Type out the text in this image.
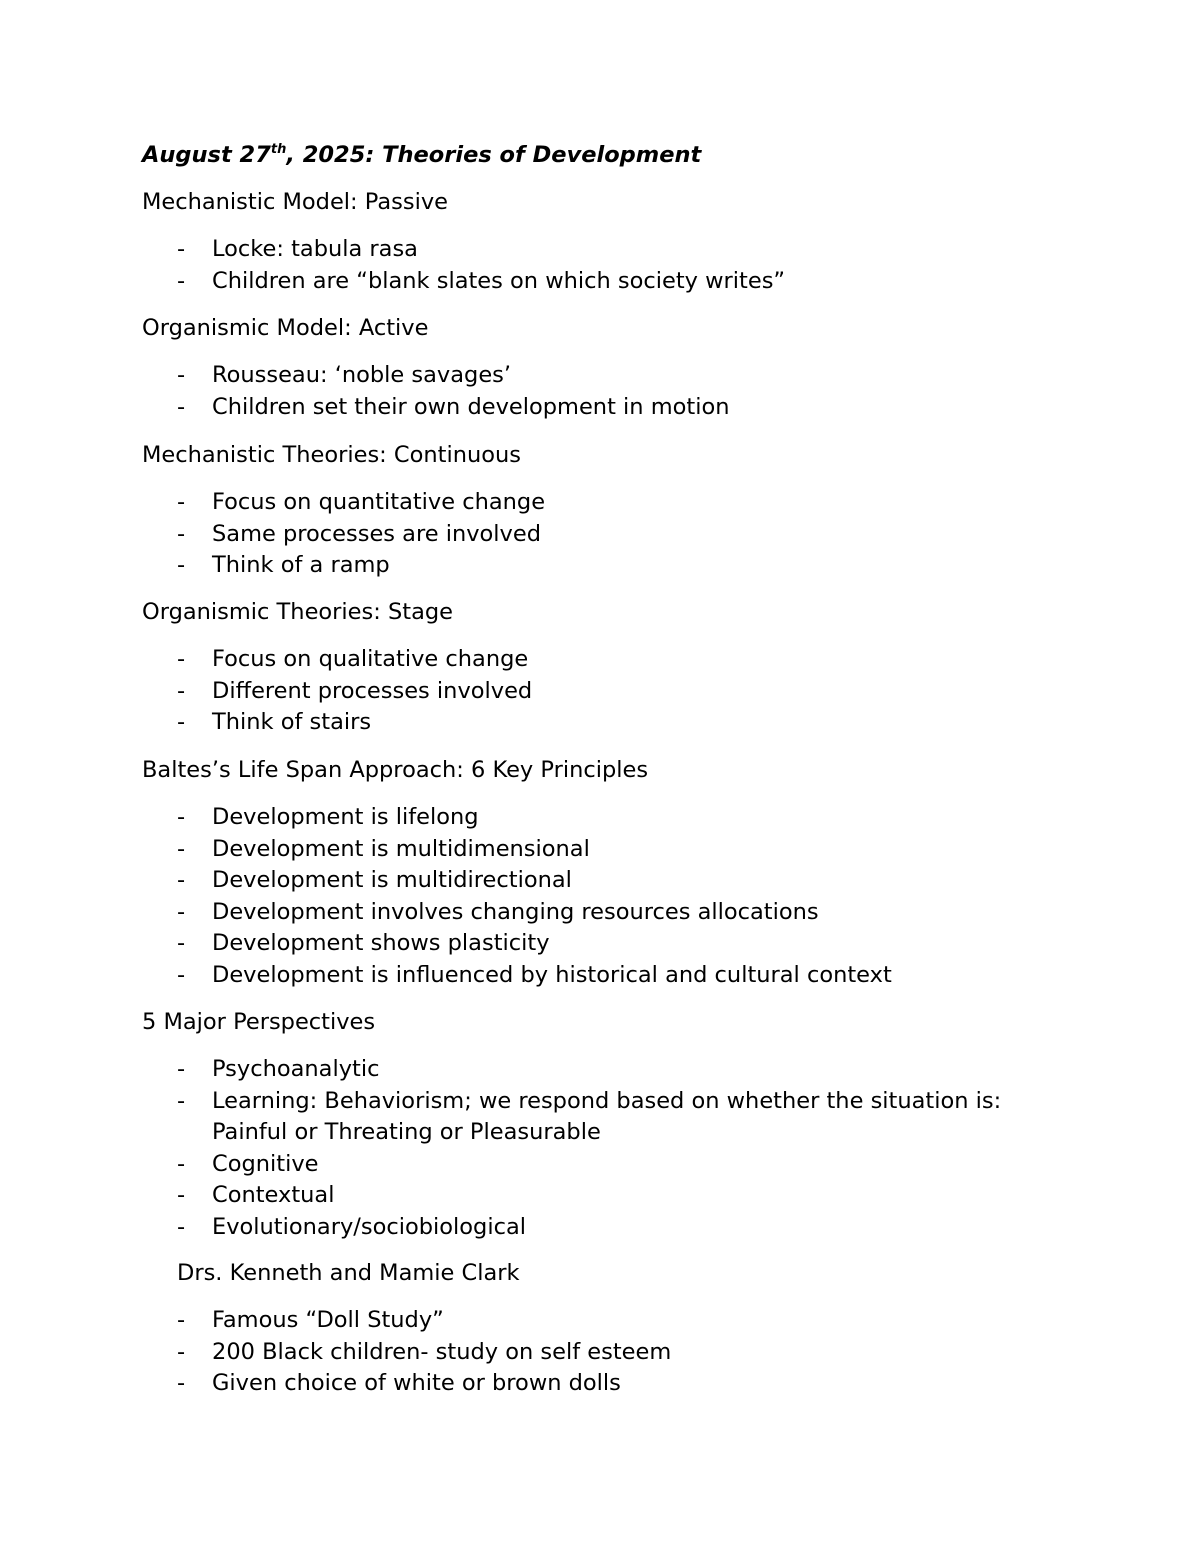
August 27th, 2025: Theories of Development
Mechanistic Model: Passive
- Locke: tabula rasa
- Children are “blank slates on which society writes”
Organismic Model: Active
- Rousseau: ‘noble savages’
- Children set their own development in motion
Mechanistic Theories: Continuous
- Focus on quantitative change
- Same processes are involved
- Think of a ramp
Organismic Theories: Stage
- Focus on qualitative change
- Different processes involved
- Think of stairs
Baltes’s Life Span Approach: 6 Key Principles
- Development is lifelong
- Development is multidimensional
- Development is multidirectional
- Development involves changing resources allocations
- Development shows plasticity
- Development is influenced by historical and cultural context
5 Major Perspectives
- Psychoanalytic
- Learning: Behaviorism; we respond based on whether the situation is: Painful or Threating or Pleasurable
- Cognitive
- Contextual
- Evolutionary/sociobiological
Drs. Kenneth and Mamie Clark
- Famous “Doll Study”
- 200 Black children- study on self esteem
- Given choice of white or brown dolls
